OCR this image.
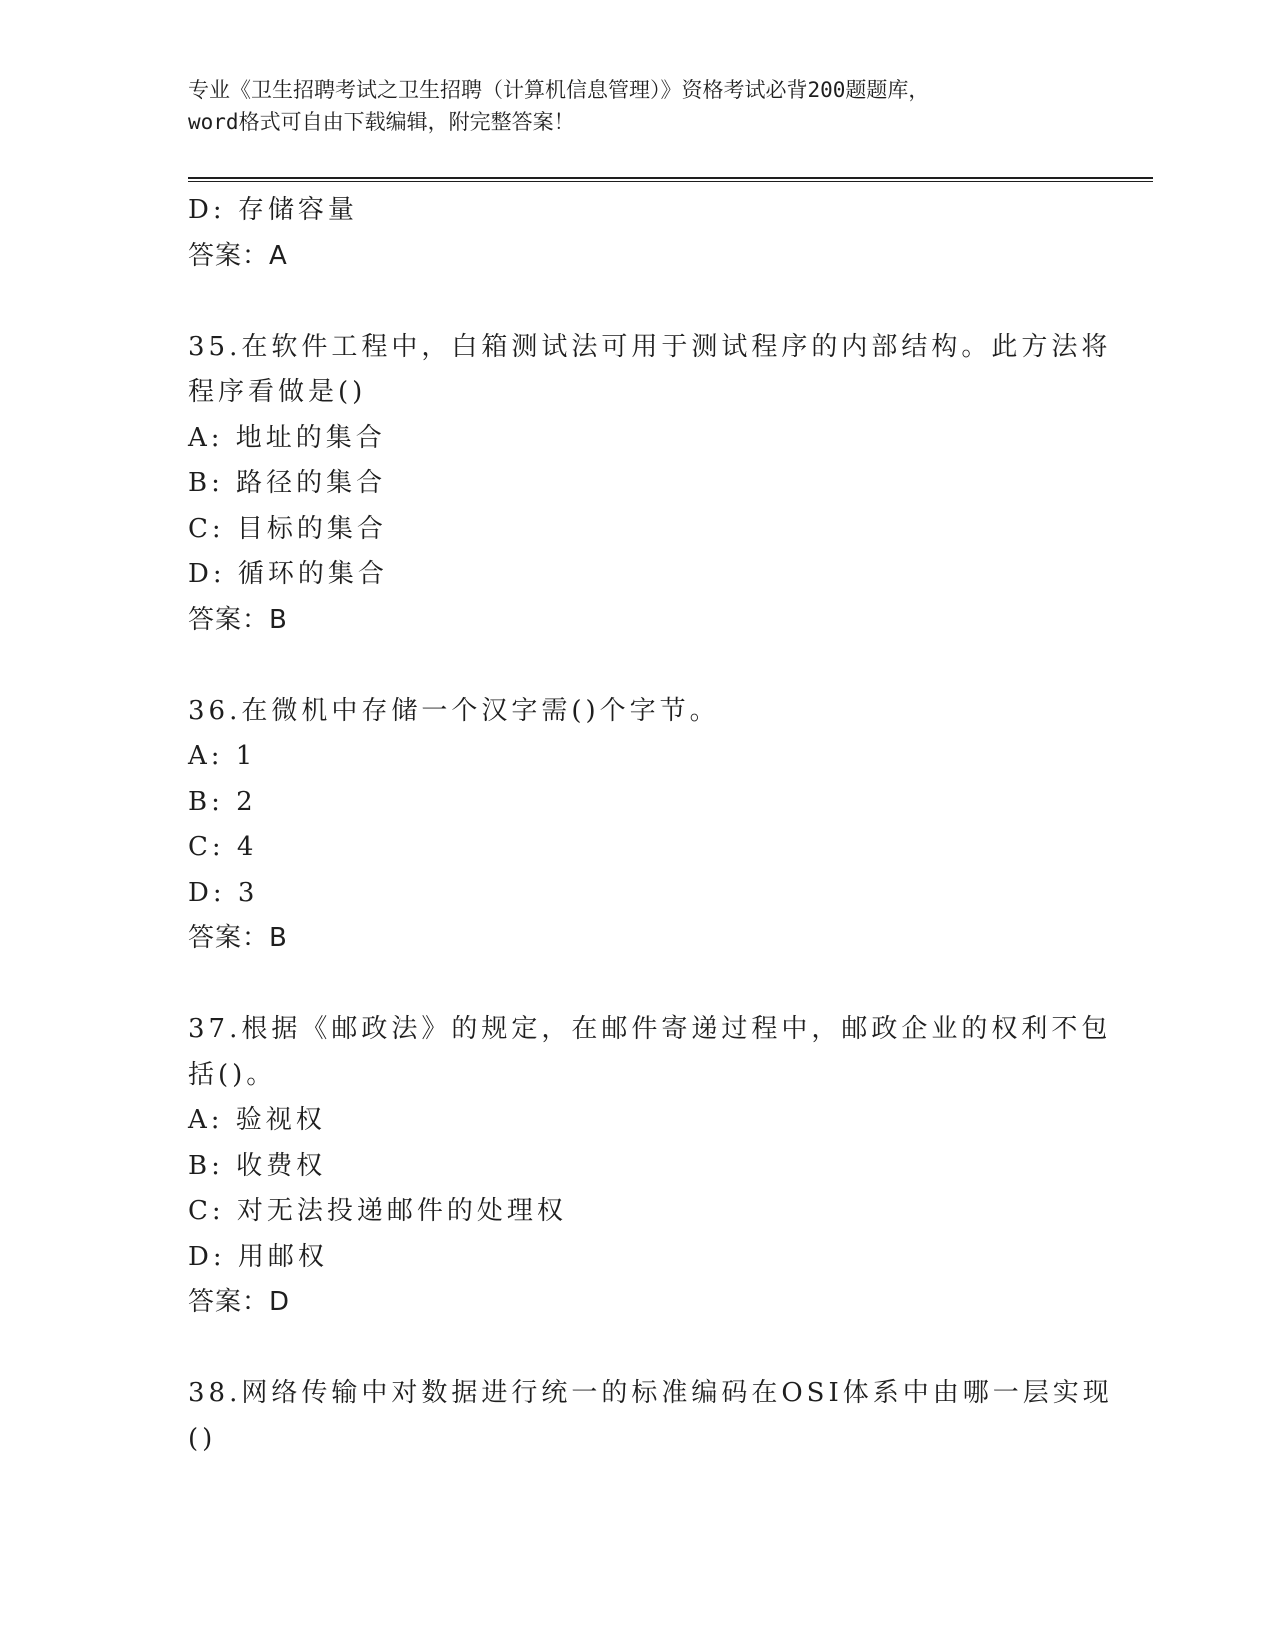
专业《卫生招聘考试之卫生招聘（计算机信息管理）》资格考试必背200题题库，
word格式可自由下载编辑，附完整答案！
D: 存储容量
答案：A
35.在软件工程中，白箱测试法可用于测试程序的内部结构。此方法将
程序看做是()
A: 地址的集合
B: 路径的集合
C: 目标的集合
D: 循环的集合
答案：B
36.在微机中存储一个汉字需()个字节。
A: 1
B: 2
C: 4
D: 3
答案：B
37.根据《邮政法》的规定，在邮件寄递过程中，邮政企业的权利不包
括()。
A: 验视权
B: 收费权
C: 对无法投递邮件的处理权
D: 用邮权
答案：D
38.网络传输中对数据进行统一的标准编码在OSI体系中由哪一层实现
()
